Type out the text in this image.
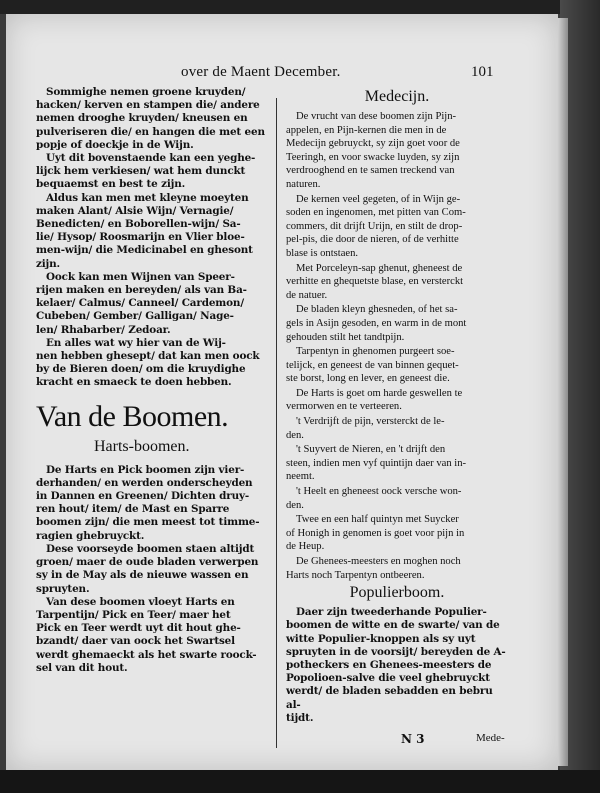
over de Maent December.	101

Sommighe nemen groene kruyden/
hacken/ kerven en stampen die/ andere
nemen drooghe kruyden/ kneusen en
pulveriseren die/ en hangen die met een
popje of doeckje in de Wijn.

Uyt dit bovenstaende kan een yeghe-
lijck hem verkiesen/ wat hem dunckt
bequaemst en best te zijn.

Aldus kan men met kleyne moeyten
maken Alant/ Alsie Wijn/ Vernagie/
Benedicten/ en Boborellen-wijn/ Sa-
lie/ Hysop/ Roosmarijn en Vlier bloe-
men-wijn/ die Medicinabel en ghesont
zijn.

Oock kan men Wijnen van Speer-
rijen maken en bereyden/ als van Ba-
kelaer/ Calmus/ Canneel/ Cardemon/
Cubeben/ Gember/ Galligan/ Nage-
len/ Rhabarber/ Zedoar.

En alles wat wy hier van de Wij-
nen hebben ghesept/ dat kan men oock
by de Bieren doen/ om die kruydighe
kracht en smaeck te doen hebben.

Van de Boomen.
Harts-boomen.

De Harts en Pick boomen zijn vier-
derhanden/ en werden onderscheyden
in Dannen en Greenen/ Dichten druy-
ren hout/ item/ de Mast en Sparre
boomen zijn/ die men meest tot timme-
ragien ghebruyckt.

Dese voorseyde boomen staen altijdt
groen/ maer de oude bladen verwerpen
sy in de May als de nieuwe wassen en
spruyten.

Van dese boomen vloeyt Harts en
Tarpentijn/ Pick en Teer/ maer het
Pick en Teer werdt uyt dit hout ghe-
bzandt/ daer van oock het Swartsel
werdt ghemaeckt als het swarte roock-
sel van dit hout.

Medecijn.

De vrucht van dese boomen zijn Pijn-
appelen, en Pijn-kernen die men in de
Medecijn gebruyckt, sy zijn goet voor de
Teeringh, en voor swacke luyden, sy zijn
verdrooghend en te samen treckend van
naturen.

De kernen veel gegeten, of in Wijn ge-
soden en ingenomen, met pitten van Com-
commers, dit drijft Urijn, en stilt de drop-
pel-pis, die door de nieren, of de verhitte
blase is ontstaen.

Met Porceleyn-sap ghenut, gheneest de
verhitte en ghequetste blase, en versterckt
de natuer.

De bladen kleyn ghesneden, of het sa-
gels in Asijn gesoden, en warm in de mont
gehouden stilt het tandtpijn.

Tarpentyn in ghenomen purgeert soe-
telijck, en geneest de van binnen gequet-
ste borst, long en lever, en geneest die.

De Harts is goet om harde geswellen te
vermorwen en te verteeren.

't Verdrijft de pijn, versterckt de le-
den.

't Suyvert de Nieren, en 't drijft den
steen, indien men vyf quintijn daer van in-
neemt.

't Heelt en gheneest oock versche won-
den.

Twee en een half quintyn met Suycker
of Honigh in genomen is goet voor pijn in
de Heup.

De Ghenees-meesters en moghen noch
Harts noch Tarpentyn ontbeeren.

Populierboom.

Daer zijn tweederhande Populier-
boomen de witte en de swarte/ van de
witte Populier-knoppen als sy uyt
spruyten in de voorsijt/ bereyden de A-
potheckers en Ghenees-meesters de
Popolioen-salve die veel ghebruyckt
werdt/ de bladen sebadden en bebru al-
tijdt.

N 3	Mede-
